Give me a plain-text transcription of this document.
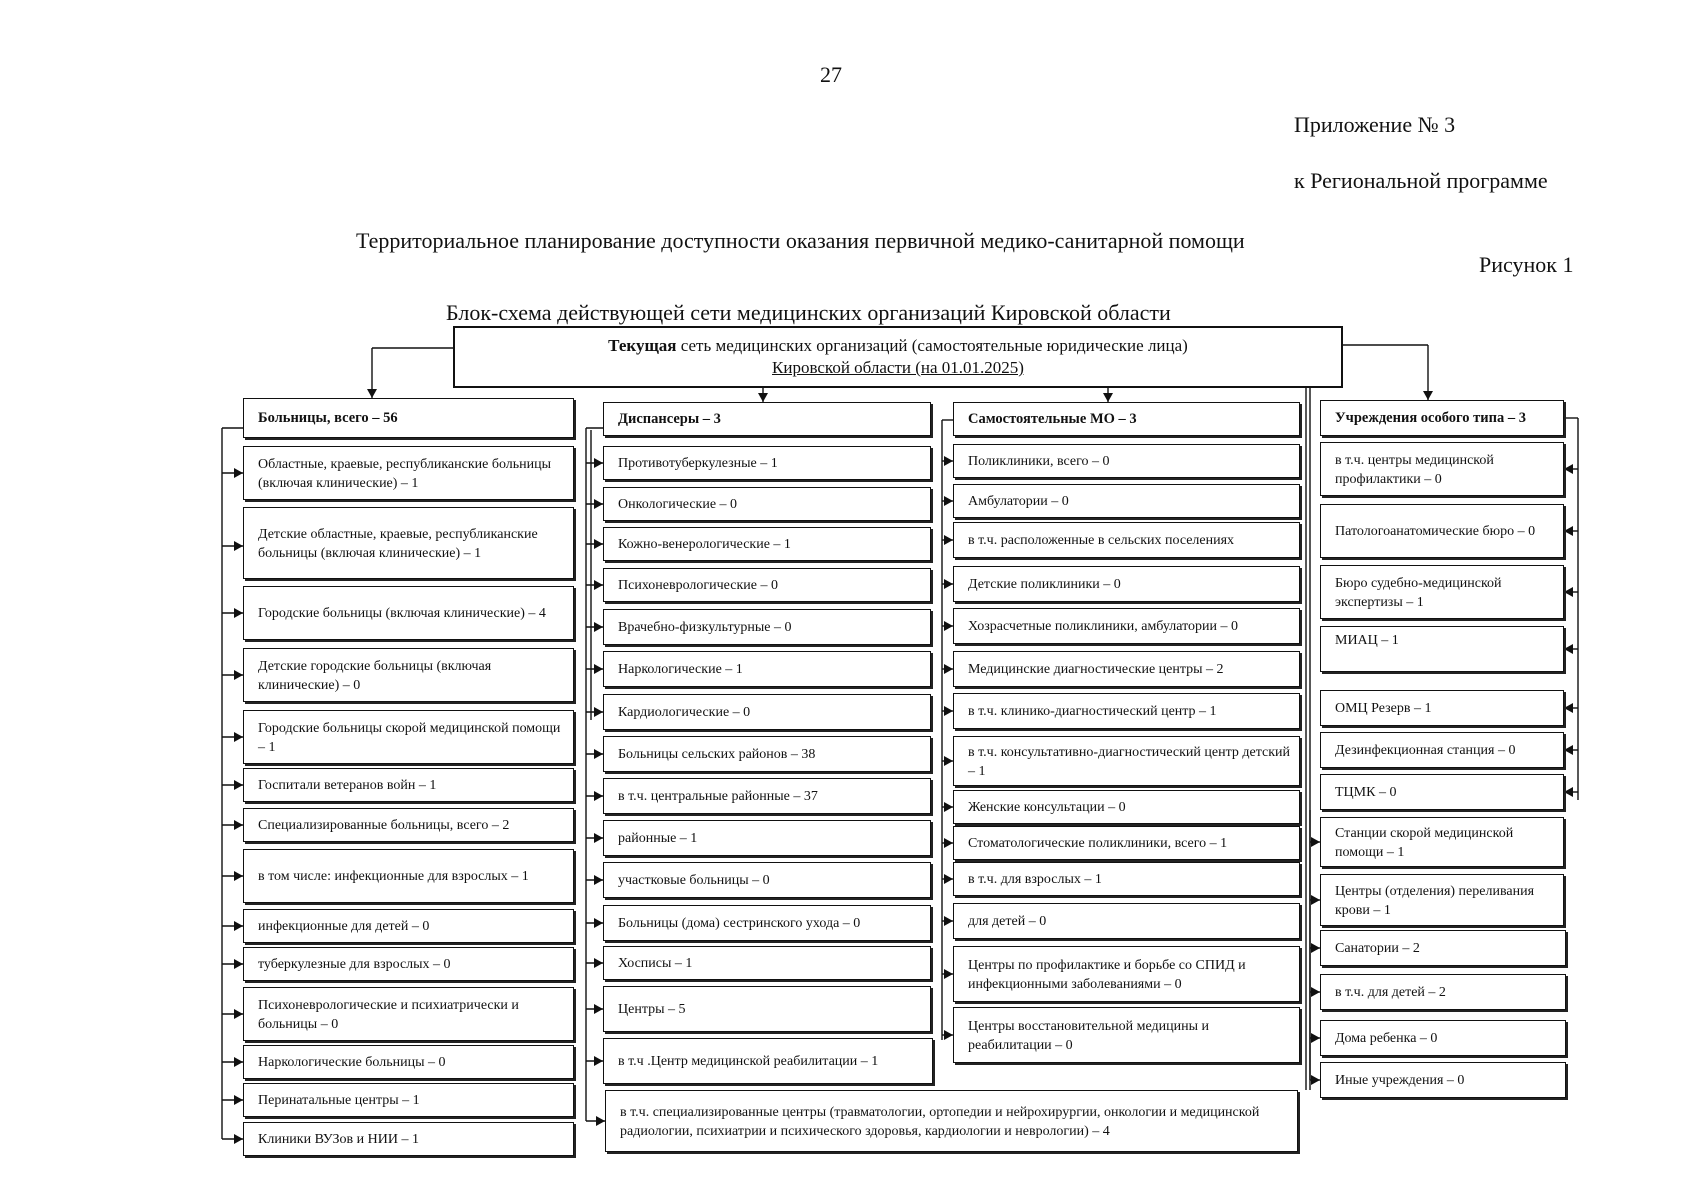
27
Приложение № 3
к Региональной программе
Территориальное планирование доступности оказания первичной медико-санитарной помощи
Рисунок 1
Блок-схема действующей сети медицинских организаций Кировской области
Текущая сеть медицинских организаций (самостоятельные юридические лица)
Кировской области (на 01.01.2025)
Больницы, всего – 56
Областные, краевые, республиканские больницы (включая клинические) – 1
Детские областные, краевые, республиканские больницы (включая клинические) – 1
Городские больницы (включая клинические) – 4
Детские городские больницы (включая клинические) – 0
Городские больницы скорой медицинской помощи – 1
Госпитали ветеранов войн – 1
Специализированные больницы, всего – 2
в том числе: инфекционные для взрослых – 1
инфекционные для детей – 0
туберкулезные для взрослых – 0
Психоневрологические и психиатрически и больницы – 0
Наркологические больницы – 0
Перинатальные центры – 1
Клиники ВУЗов и НИИ – 1
Диспансеры – 3
Противотуберкулезные – 1
Онкологические – 0
Кожно-венерологические – 1
Психоневрологические – 0
Врачебно-физкультурные – 0
Наркологические – 1
Кардиологические – 0
Больницы сельских районов – 38
в т.ч. центральные районные – 37
районные – 1
участковые больницы – 0
Больницы (дома) сестринского ухода – 0
Хосписы – 1
Центры – 5
в т.ч .Центр медицинской реабилитации – 1
в т.ч. специализированные центры (травматологии, ортопедии и нейрохирургии, онкологии и медицинской радиологии, психиатрии и психического здоровья, кардиологии и неврологии) – 4
Самостоятельные МО – 3
Поликлиники, всего – 0
Амбулатории – 0
в т.ч. расположенные в сельских поселениях
Детские поликлиники – 0
Хозрасчетные поликлиники, амбулатории – 0
Медицинские диагностические центры – 2
в т.ч. клинико-диагностический центр – 1
в т.ч. консультативно-диагностический центр детский – 1
Женские консультации – 0
Стоматологические поликлиники, всего – 1
в т.ч. для взрослых – 1
для детей – 0
Центры по профилактике и борьбе со СПИД и инфекционными заболеваниями – 0
Центры восстановительной медицины и реабилитации – 0
Учреждения особого типа – 3
в т.ч. центры медицинской профилактики – 0
Патологоанатомические бюро – 0
Бюро судебно-медицинской экспертизы – 1
МИАЦ – 1
ОМЦ Резерв – 1
Дезинфекционная станция – 0
ТЦМК – 0
Станции скорой медицинской помощи – 1
Центры (отделения) переливания крови – 1
Санатории – 2
в т.ч. для детей – 2
Дома ребенка – 0
Иные учреждения – 0
